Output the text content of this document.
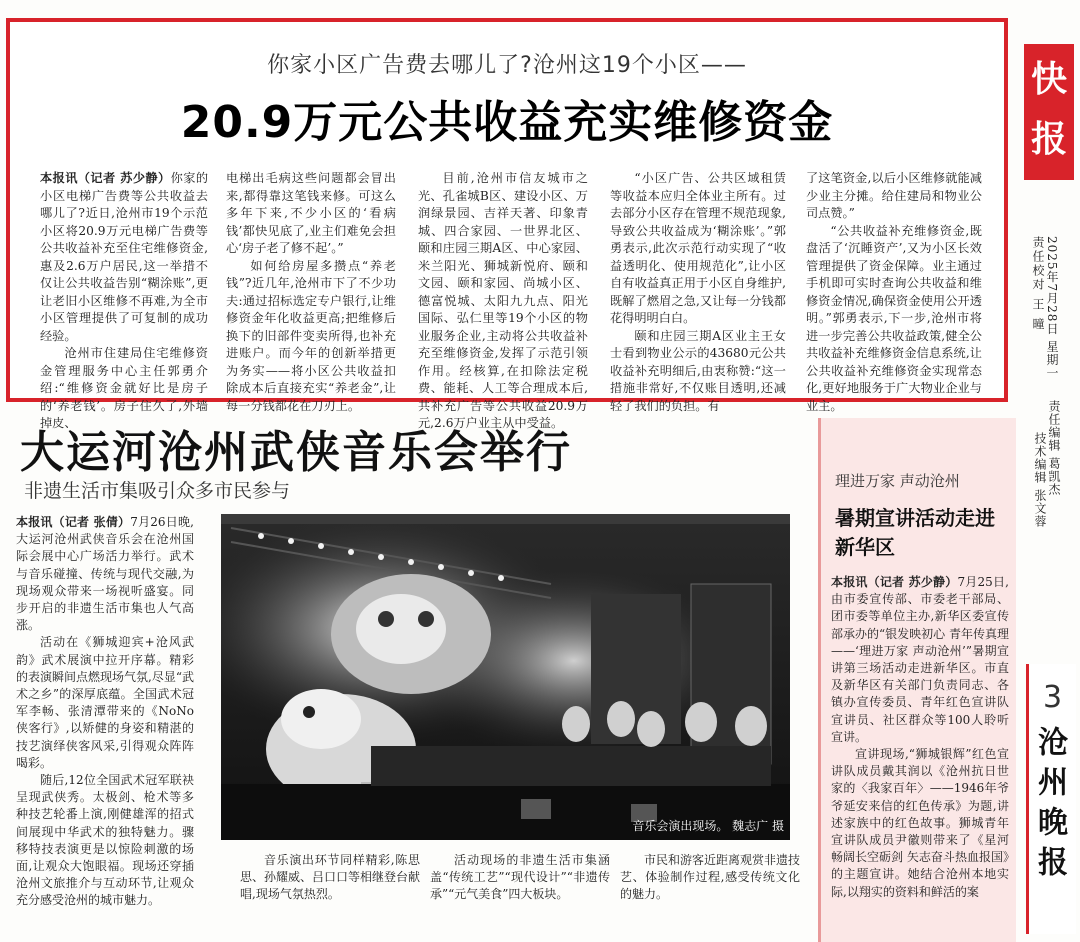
你家小区广告费去哪儿了?沧州这19个小区——
20.9万元公共收益充实维修资金

本报讯（记者 苏少静）你家的小区电梯广告费等公共收益去哪儿了?近日,沧州市19个示范小区将20.9万元电梯广告费等公共收益补充至住宅维修资金,惠及2.6万户居民,这一举措不仅让公共收益告别“糊涂账”,更让老旧小区维修不再难,为全市小区管理提供了可复制的成功经验。

沧州市住建局住宅维修资金管理服务中心主任郭勇介绍:“维修资金就好比是房子的‘养老钱’。房子住久了,外墙掉皮、

电梯出毛病这些问题都会冒出来,都得靠这笔钱来修。可这么多年下来,不少小区的‘看病钱’都快见底了,业主们难免会担心‘房子老了修不起’。”

如何给房屋多攒点“养老钱”?近几年,沧州市下了不少功夫:通过招标选定专户银行,让维修资金年化收益更高;把维修后换下的旧部件变卖所得,也补充进账户。而今年的创新举措更为务实——将小区公共收益扣除成本后直接充实“养老金”,让每一分钱都花在刀刃上。

目前,沧州市信友城市之光、孔雀城B区、建设小区、万润绿景园、吉祥天著、印象青城、四合家园、一世界北区、颐和庄园三期A区、中心家园、米兰阳光、狮城新悦府、颐和文园、颐和家园、尚城小区、德富悦城、太阳九九点、阳光国际、弘仁里等19个小区的物业服务企业,主动将公共收益补充至维修资金,发挥了示范引领作用。经核算,在扣除法定税费、能耗、人工等合理成本后,共补充广告等公共收益20.9万元,2.6万户业主从中受益。

“小区广告、公共区域租赁等收益本应归全体业主所有。过去部分小区存在管理不规范现象,导致公共收益成为‘糊涂账’。”郭勇表示,此次示范行动实现了“收益透明化、使用规范化”,让小区自有收益真正用于小区自身维护,既解了燃眉之急,又让每一分钱都花得明明白白。

颐和庄园三期A区业主王女士看到物业公示的43680元公共收益补充明细后,由衷称赞:“这一措施非常好,不仅账目透明,还减轻了我们的负担。有

了这笔资金,以后小区维修就能减少业主分摊。给住建局和物业公司点赞。”

“公共收益补充维修资金,既盘活了‘沉睡资产’,又为小区长效管理提供了资金保障。业主通过手机即可实时查询公共收益和维修资金情况,确保资金使用公开透明。”郭勇表示,下一步,沧州市将进一步完善公共收益政策,健全公共收益补充维修资金信息系统,让公共收益补充维修资金实现常态化,更好地服务于广大物业企业与业主。

快报
2025年7月28日 星期一
责任校对 王 曈
责任编辑 葛凯杰
技术编辑 张文蓉
3
沧州晚报
大运河沧州武侠音乐会举行
非遗生活市集吸引众多市民参与

本报讯（记者 张倩）7月26日晚,大运河沧州武侠音乐会在沧州国际会展中心广场活力举行。武术与音乐碰撞、传统与现代交融,为现场观众带来一场视听盛宴。同步开启的非遗生活市集也人气高涨。

活动在《狮城迎宾+沧风武韵》武术展演中拉开序幕。精彩的表演瞬间点燃现场气氛,尽显“武术之乡”的深厚底蕴。全国武术冠军李畅、张清潭带来的《NoNo侠客行》,以矫健的身姿和精湛的技艺演绎侠客风采,引得观众阵阵喝彩。

随后,12位全国武术冠军联袂呈现武侠秀。太极剑、枪术等多种技艺轮番上演,刚健雄浑的招式间展现中华武术的独特魅力。骤移特技表演更是以惊险刺激的场面,让观众大饱眼福。现场还穿插沧州文旅推介与互动环节,让观众充分感受沧州的城市魅力。

音乐会演出现场。 魏志广 摄

音乐演出环节同样精彩,陈思思、孙耀威、吕口口等相继登台献唱,现场气氛热烈。

活动现场的非遗生活市集涵盖“传统工艺”“现代设计”“非遗传承”“元气美食”四大板块。

市民和游客近距离观赏非遗技艺、体验制作过程,感受传统文化的魅力。

理进万家 声动沧州
暑期宣讲活动走进新华区

本报讯（记者 苏少静）7月25日,由市委宣传部、市委老干部局、团市委等单位主办,新华区委宣传部承办的“银发映初心 青年传真理——‘理进万家 声动沧州’”暑期宣讲第三场活动走进新华区。市直及新华区有关部门负责同志、各镇办宣传委员、青年红色宣讲队宣讲员、社区群众等100人聆听宣讲。

宣讲现场,“狮城银辉”红色宣讲队成员戴其润以《沧州抗日世家的〈我家百年〉——1946年爷爷延安来信的红色传承》为题,讲述家族中的红色故事。狮城青年宣讲队成员尹徽则带来了《星河畅阔长空砺剑 矢志奋斗热血报国》的主题宣讲。她结合沧州本地实际,以翔实的资料和鲜活的案
